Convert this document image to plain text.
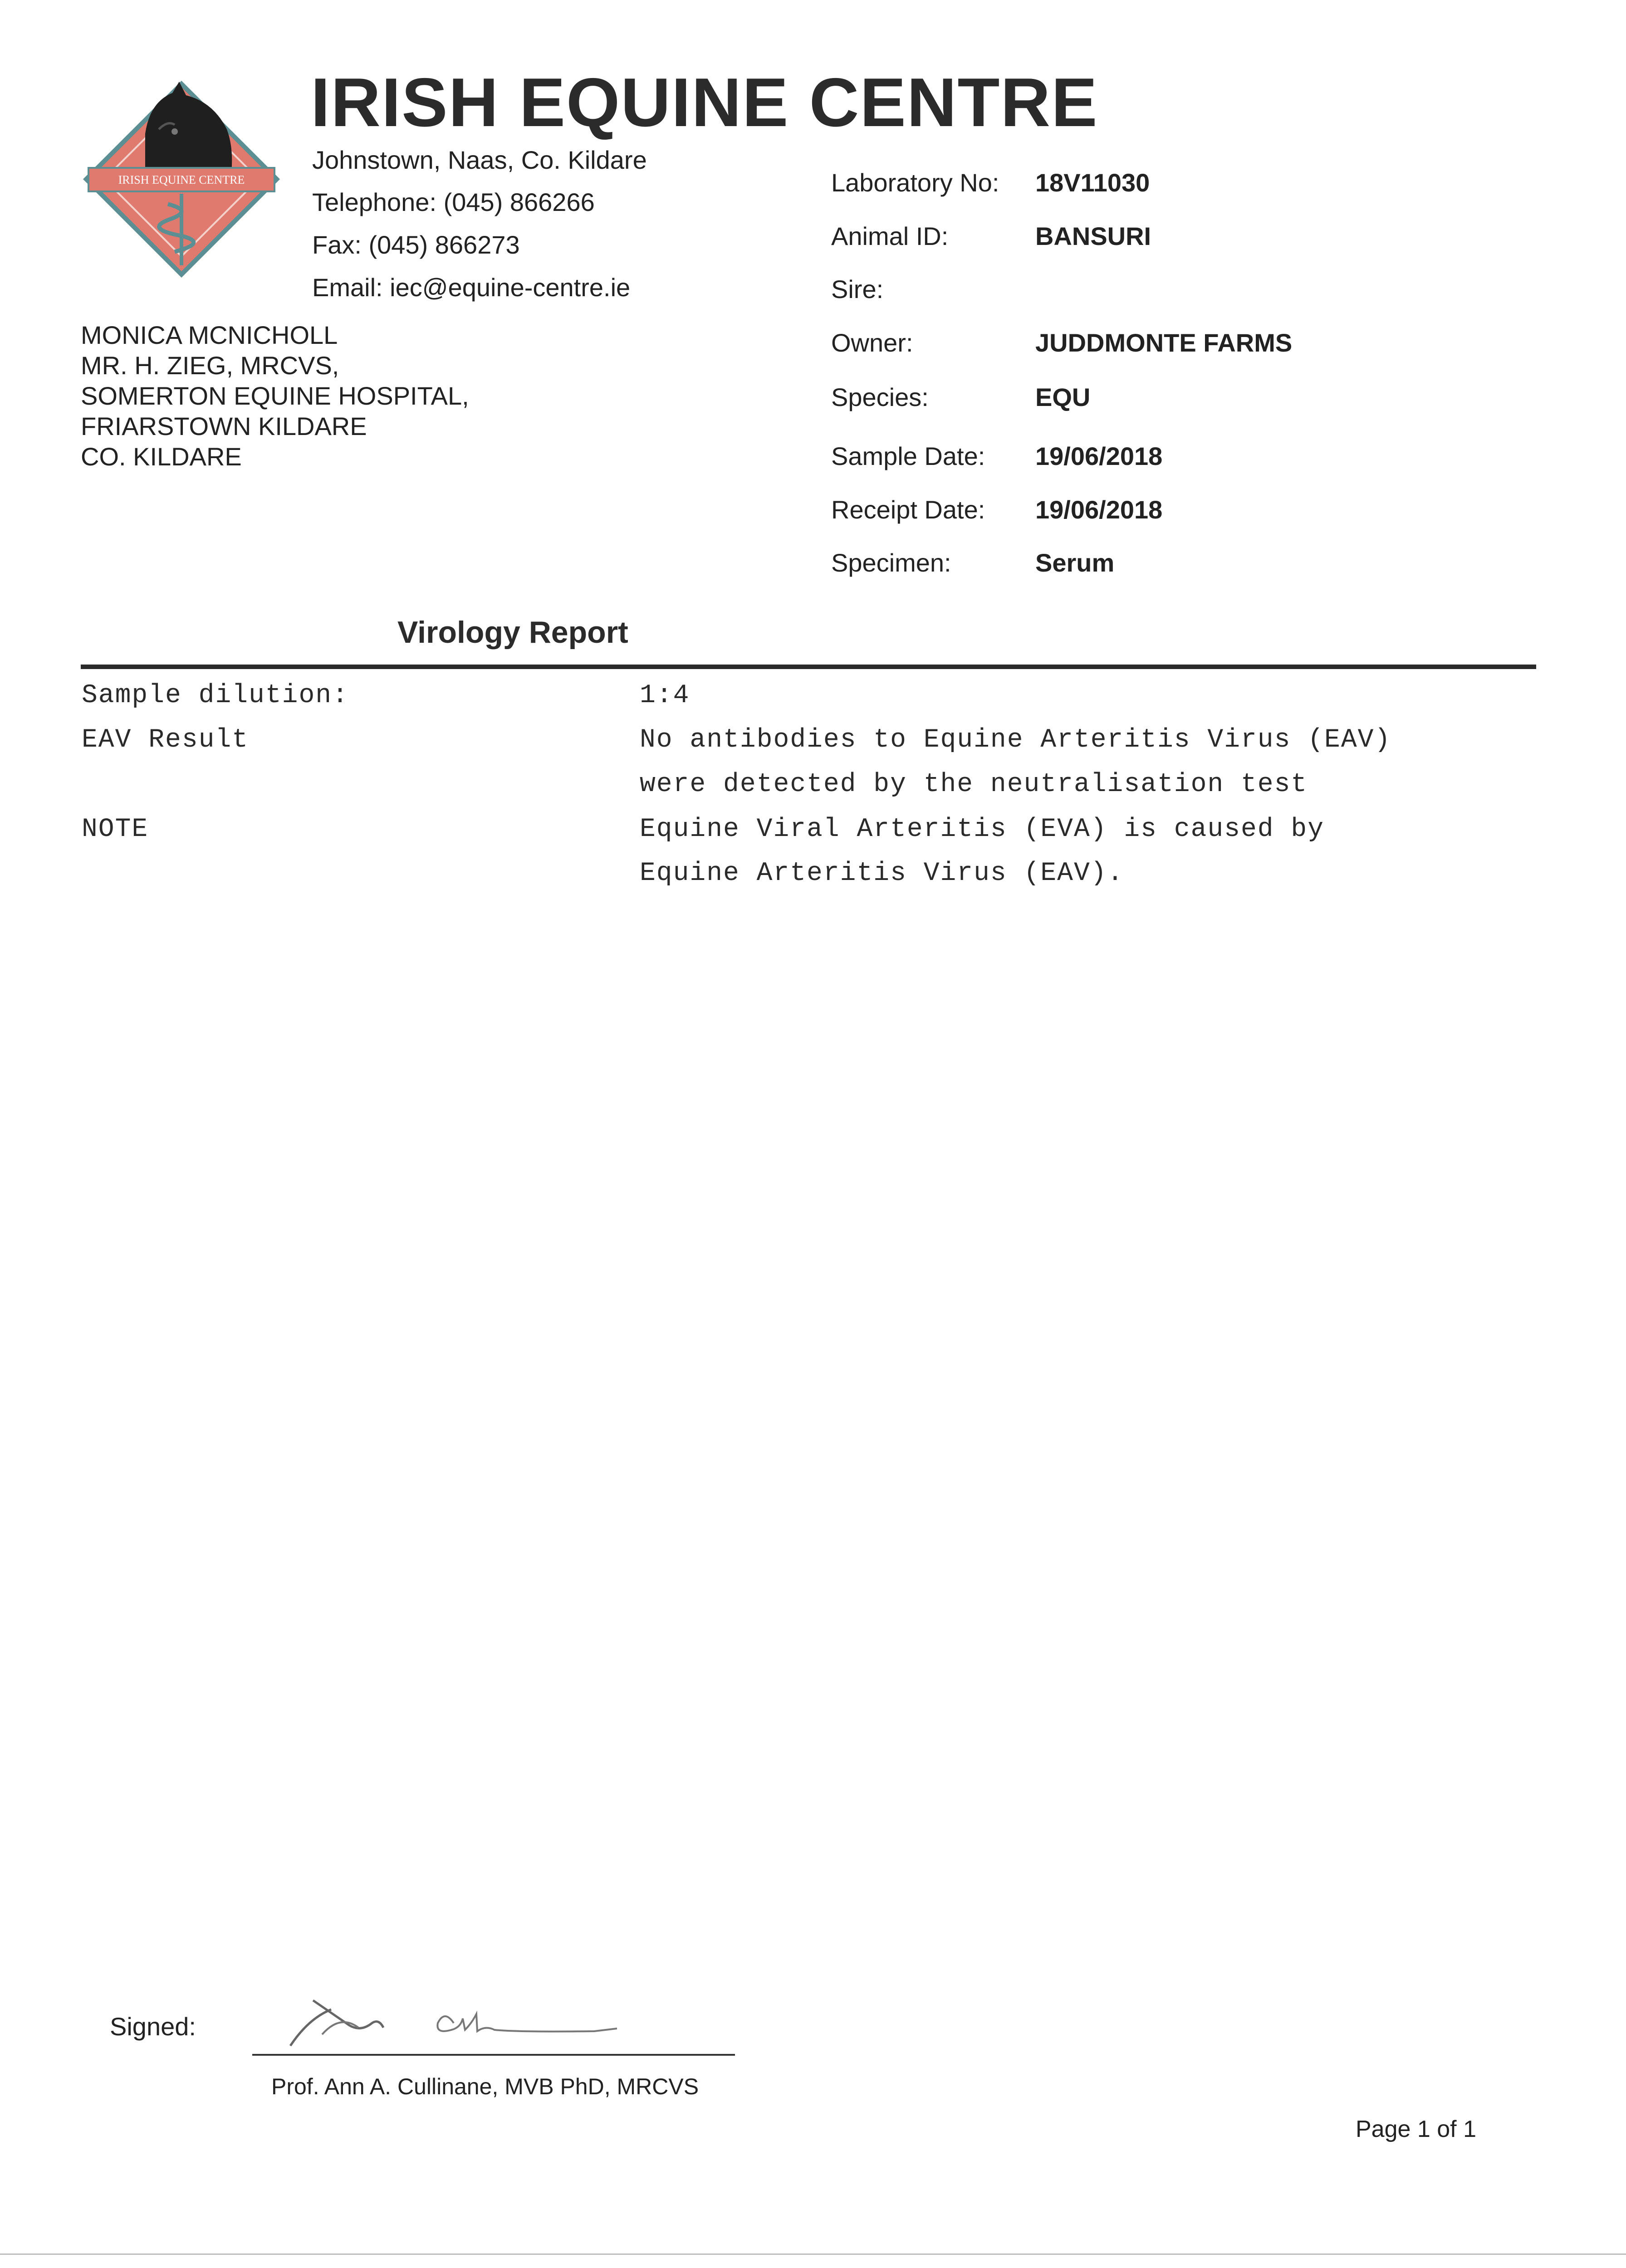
IRISH EQUINE CENTRE
IRISH EQUINE CENTRE
Johnstown, Naas, Co. Kildare
Telephone: (045) 866266
Fax: (045) 866273
Email: iec@equine-centre.ie
MONICA MCNICHOLL
MR. H. ZIEG, MRCVS,
SOMERTON EQUINE HOSPITAL,
FRIARSTOWN KILDARE
CO. KILDARE
Laboratory No: 18V11030
Animal ID:	BANSURI
Sire:
Owner:	JUDDMONTE FARMS
Species:	EQU
Sample Date: 19/06/2018
Receipt Date: 19/06/2018
Specimen:	Serum
Virology Report
Sample dilution:	1:4
EAV Result	No antibodies to Equine Arteritis Virus (EAV)
were detected by the neutralisation test
NOTE	Equine Viral Arteritis (EVA) is caused by
Equine Arteritis Virus (EAV).
Signed:
Prof. Ann A. Cullinane, MVB PhD, MRCVS
Page 1 of 1
